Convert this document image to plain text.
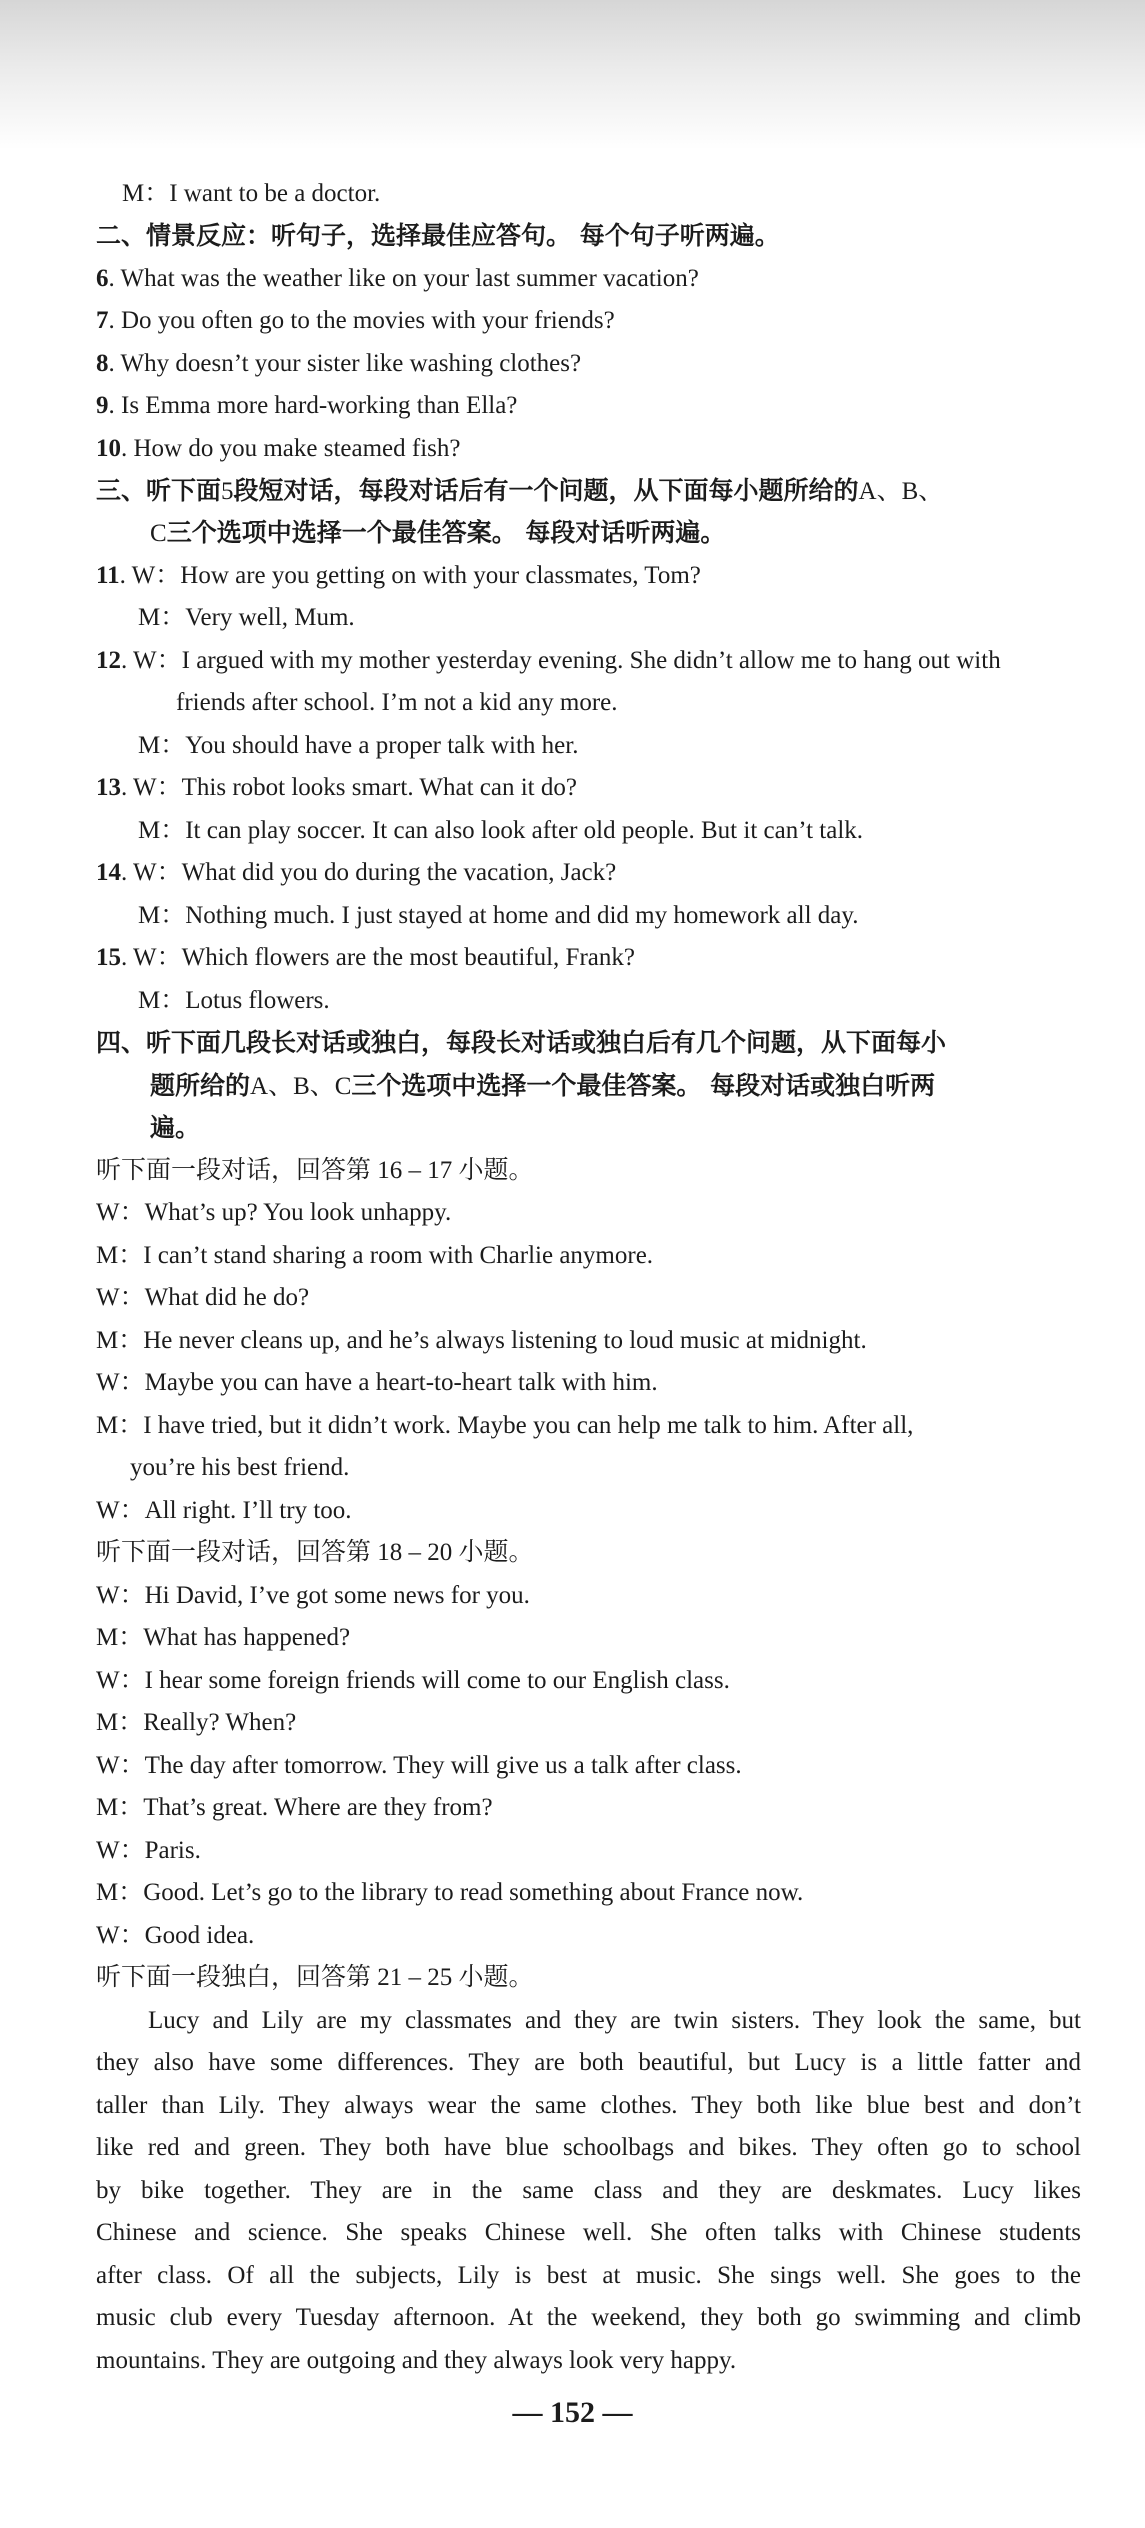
M：I want to be a doctor.
二、情景反应：听句子，选择最佳应答句。 每个句子听两遍。
6. What was the weather like on your last summer vacation?
7. Do you often go to the movies with your friends?
8. Why doesn’t your sister like washing clothes?
9. Is Emma more hard-working than Ella?
10. How do you make steamed fish?
三、听下面5段短对话，每段对话后有一个问题，从下面每小题所给的A、B、
C三个选项中选择一个最佳答案。 每段对话听两遍。
11. W：How are you getting on with your classmates, Tom?
M：Very well, Mum.
12. W：I argued with my mother yesterday evening. She didn’t allow me to hang out with
friends after school. I’m not a kid any more.
M：You should have a proper talk with her.
13. W：This robot looks smart. What can it do?
M：It can play soccer. It can also look after old people. But it can’t talk.
14. W：What did you do during the vacation, Jack?
M：Nothing much. I just stayed at home and did my homework all day.
15. W：Which flowers are the most beautiful, Frank?
M：Lotus flowers.
四、听下面几段长对话或独白，每段长对话或独白后有几个问题，从下面每小
题所给的A、B、C三个选项中选择一个最佳答案。 每段对话或独白听两
遍。
听下面一段对话，回答第 16 – 17 小题。
W：What’s up? You look unhappy.
M：I can’t stand sharing a room with Charlie anymore.
W：What did he do?
M：He never cleans up, and he’s always listening to loud music at midnight.
W：Maybe you can have a heart-to-heart talk with him.
M：I have tried, but it didn’t work. Maybe you can help me talk to him. After all,
you’re his best friend.
W：All right. I’ll try too.
听下面一段对话，回答第 18 – 20 小题。
W：Hi David, I’ve got some news for you.
M：What has happened?
W：I hear some foreign friends will come to our English class.
M：Really? When?
W：The day after tomorrow. They will give us a talk after class.
M：That’s great. Where are they from?
W：Paris.
M：Good. Let’s go to the library to read something about France now.
W：Good idea.
听下面一段独白，回答第 21 – 25 小题。
Lucy and Lily are my classmates and they are twin sisters. They look the same, but
they also have some differences. They are both beautiful, but Lucy is a little fatter and
taller than Lily. They always wear the same clothes. They both like blue best and don’t
like red and green. They both have blue schoolbags and bikes. They often go to school
by bike together. They are in the same class and they are deskmates. Lucy likes
Chinese and science. She speaks Chinese well. She often talks with Chinese students
after class. Of all the subjects, Lily is best at music. She sings well. She goes to the
music club every Tuesday afternoon. At the weekend, they both go swimming and climb
mountains. They are outgoing and they always look very happy.
— 152 —
